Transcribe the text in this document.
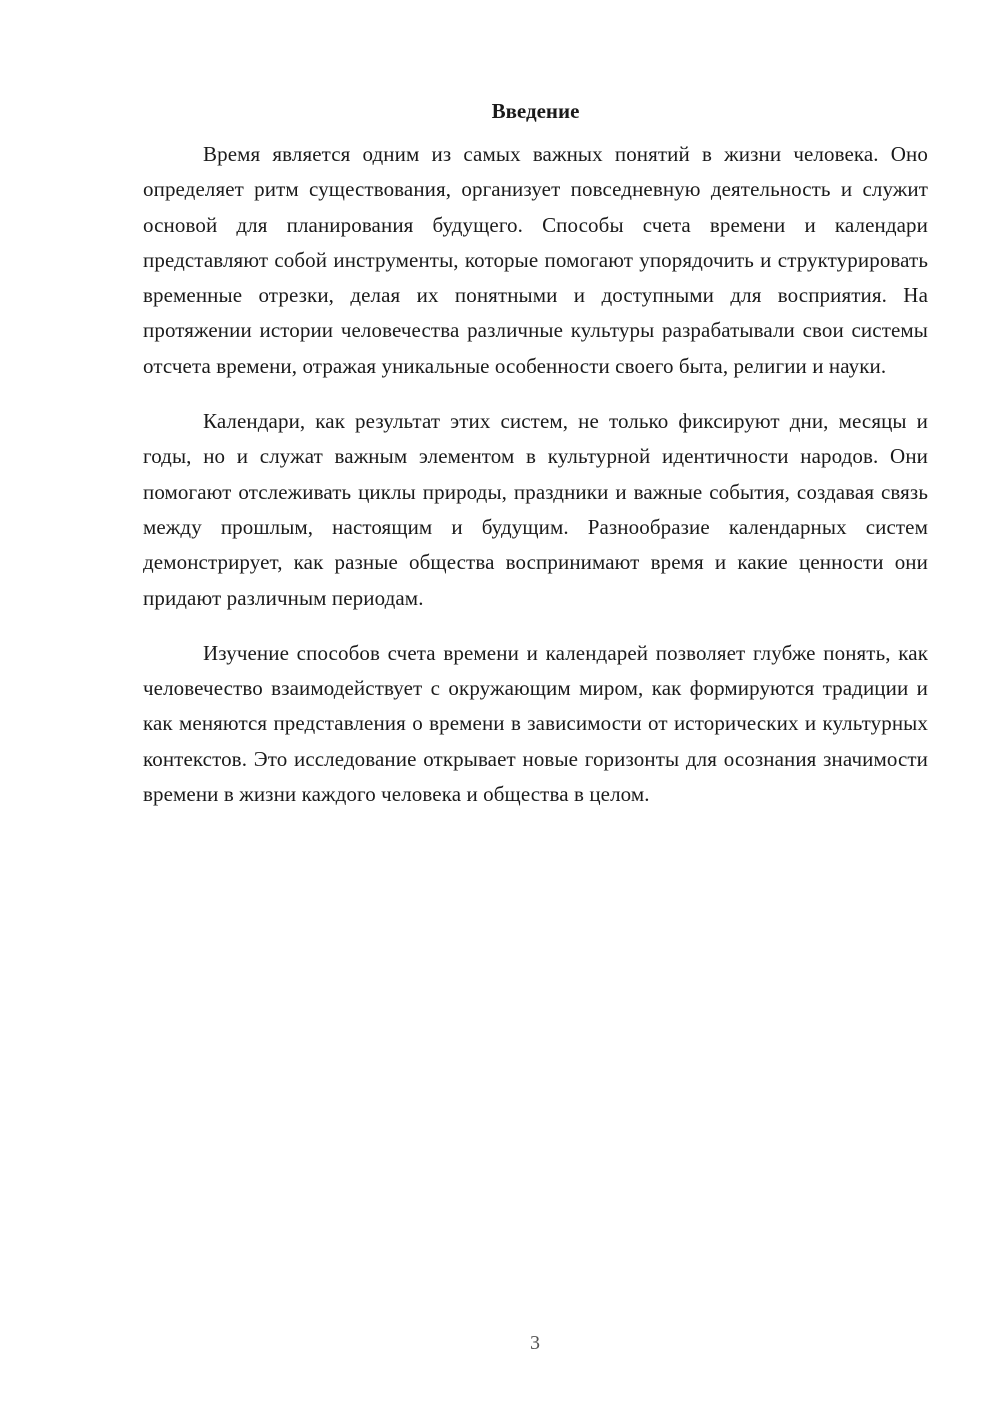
Введение

Время является одним из самых важных понятий в жизни человека. Оно определяет ритм существования, организует повседневную деятельность и служит основой для планирования будущего. Способы счета времени и календари представляют собой инструменты, которые помогают упорядочить и структурировать временные отрезки, делая их понятными и доступными для восприятия. На протяжении истории человечества различные культуры разрабатывали свои системы отсчета времени, отражая уникальные особенности своего быта, религии и науки.

Календари, как результат этих систем, не только фиксируют дни, месяцы и годы, но и служат важным элементом в культурной идентичности народов. Они помогают отслеживать циклы природы, праздники и важные события, создавая связь между прошлым, настоящим и будущим. Разнообразие календарных систем демонстрирует, как разные общества воспринимают время и какие ценности они придают различным периодам.

Изучение способов счета времени и календарей позволяет глубже понять, как человечество взаимодействует с окружающим миром, как формируются традиции и как меняются представления о времени в зависимости от исторических и культурных контекстов. Это исследование открывает новые горизонты для осознания значимости времени в жизни каждого человека и общества в целом.

3
